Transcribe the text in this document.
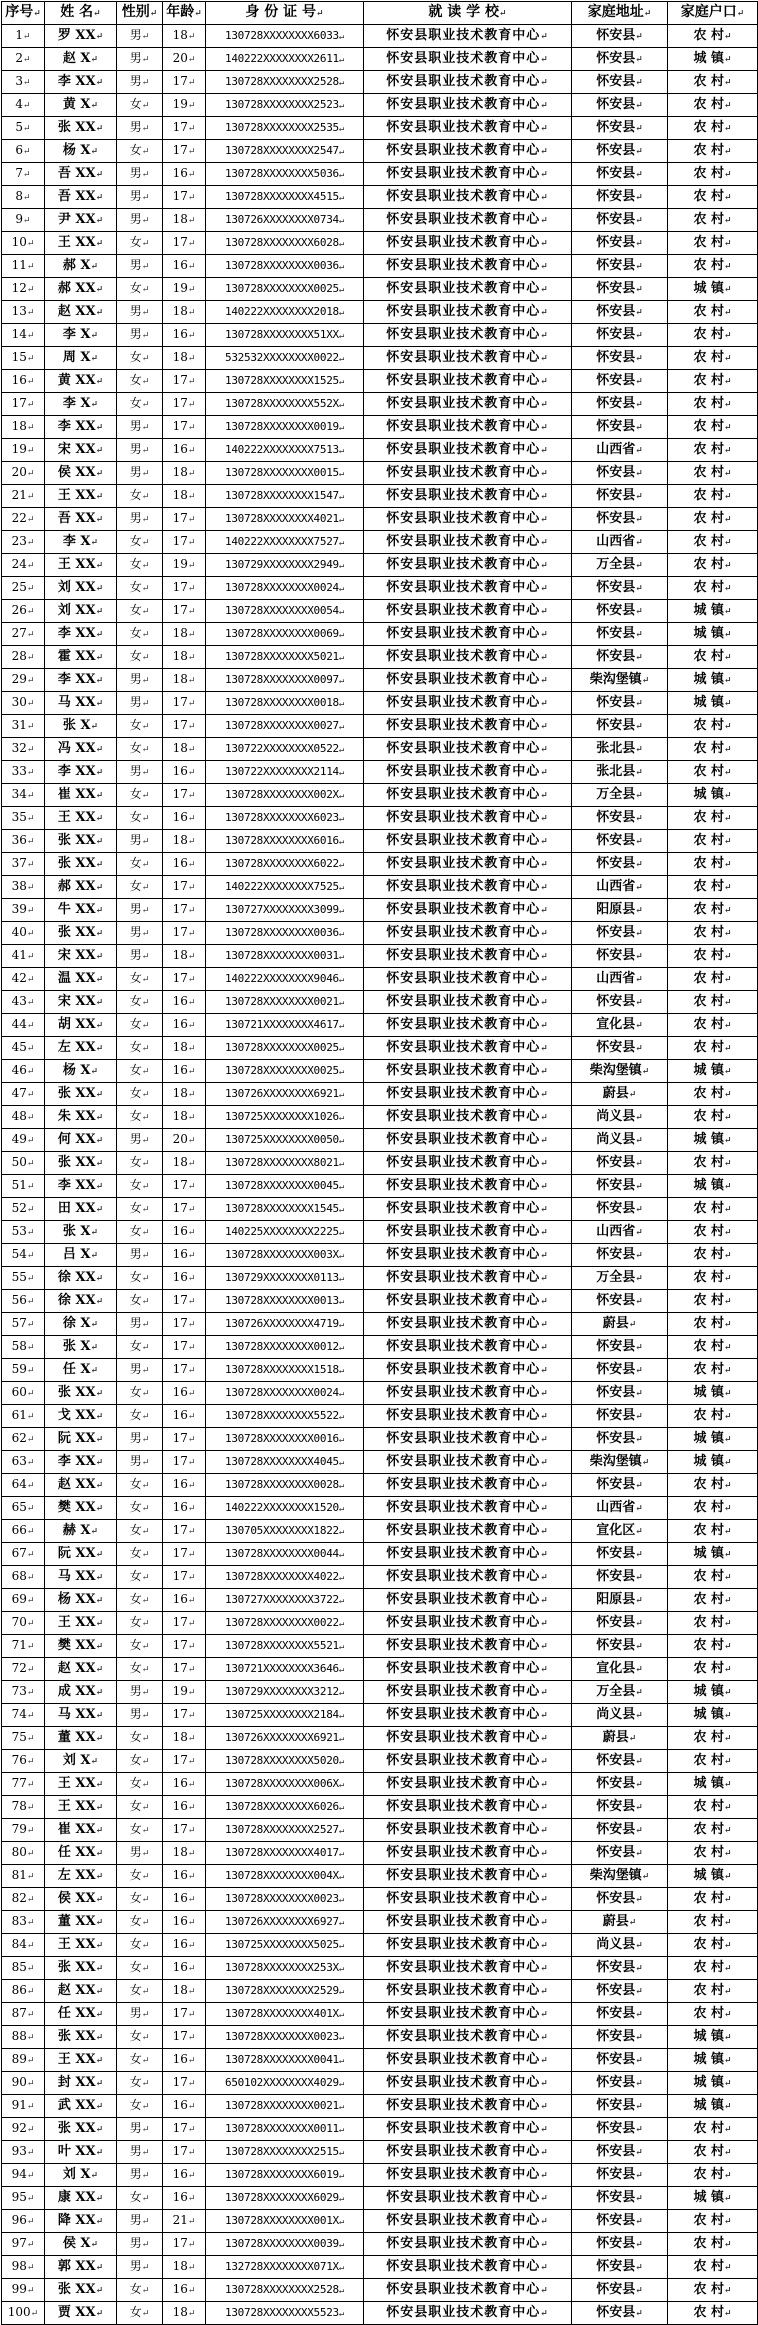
序号↵	姓 名↵	性别↵	年龄↵	身 份 证 号↵	就 读 学 校↵	家庭地址↵	家庭户口↵
1↵	罗 XX↵	男↵	18↵	130728XXXXXXXX6033↵	怀安县职业技术教育中心↵	怀安县↵	农 村↵
2↵	赵 X↵	男↵	20↵	140222XXXXXXXX2611↵	怀安县职业技术教育中心↵	怀安县↵	城 镇↵
3↵	李 XX↵	男↵	17↵	130728XXXXXXXX2528↵	怀安县职业技术教育中心↵	怀安县↵	农 村↵
4↵	黄 X↵	女↵	19↵	130728XXXXXXXX2523↵	怀安县职业技术教育中心↵	怀安县↵	农 村↵
5↵	张 XX↵	男↵	17↵	130728XXXXXXXX2535↵	怀安县职业技术教育中心↵	怀安县↵	农 村↵
6↵	杨 X↵	女↵	17↵	130728XXXXXXXX2547↵	怀安县职业技术教育中心↵	怀安县↵	农 村↵
7↵	吾 XX↵	男↵	16↵	130728XXXXXXXX5036↵	怀安县职业技术教育中心↵	怀安县↵	农 村↵
8↵	吾 XX↵	男↵	17↵	130728XXXXXXXX4515↵	怀安县职业技术教育中心↵	怀安县↵	农 村↵
9↵	尹 XX↵	男↵	18↵	130726XXXXXXXX0734↵	怀安县职业技术教育中心↵	怀安县↵	农 村↵
10↵	王 XX↵	女↵	17↵	130728XXXXXXXX6028↵	怀安县职业技术教育中心↵	怀安县↵	农 村↵
11↵	郝 X↵	男↵	16↵	130728XXXXXXXX0036↵	怀安县职业技术教育中心↵	怀安县↵	农 村↵
12↵	郝 XX↵	女↵	19↵	130728XXXXXXXX0025↵	怀安县职业技术教育中心↵	怀安县↵	城 镇↵
13↵	赵 XX↵	男↵	18↵	140222XXXXXXXX2018↵	怀安县职业技术教育中心↵	怀安县↵	农 村↵
14↵	李 X↵	男↵	16↵	130728XXXXXXXX51XX↵	怀安县职业技术教育中心↵	怀安县↵	农 村↵
15↵	周 X↵	女↵	18↵	532532XXXXXXXX0022↵	怀安县职业技术教育中心↵	怀安县↵	农 村↵
16↵	黄 XX↵	女↵	17↵	130728XXXXXXXX1525↵	怀安县职业技术教育中心↵	怀安县↵	农 村↵
17↵	李 X↵	女↵	17↵	130728XXXXXXXX552X↵	怀安县职业技术教育中心↵	怀安县↵	农 村↵
18↵	李 XX↵	男↵	17↵	130728XXXXXXXX0019↵	怀安县职业技术教育中心↵	怀安县↵	农 村↵
19↵	宋 XX↵	男↵	16↵	140222XXXXXXXX7513↵	怀安县职业技术教育中心↵	山西省↵	农 村↵
20↵	侯 XX↵	男↵	18↵	130728XXXXXXXX0015↵	怀安县职业技术教育中心↵	怀安县↵	农 村↵
21↵	王 XX↵	女↵	18↵	130728XXXXXXXX1547↵	怀安县职业技术教育中心↵	怀安县↵	农 村↵
22↵	吾 XX↵	男↵	17↵	130728XXXXXXXX4021↵	怀安县职业技术教育中心↵	怀安县↵	农 村↵
23↵	李 X↵	女↵	17↵	140222XXXXXXXX7527↵	怀安县职业技术教育中心↵	山西省↵	农 村↵
24↵	王 XX↵	女↵	19↵	130729XXXXXXXX2949↵	怀安县职业技术教育中心↵	万全县↵	农 村↵
25↵	刘 XX↵	女↵	17↵	130728XXXXXXXX0024↵	怀安县职业技术教育中心↵	怀安县↵	农 村↵
26↵	刘 XX↵	女↵	17↵	130728XXXXXXXX0054↵	怀安县职业技术教育中心↵	怀安县↵	城 镇↵
27↵	李 XX↵	女↵	18↵	130728XXXXXXXX0069↵	怀安县职业技术教育中心↵	怀安县↵	城 镇↵
28↵	霍 XX↵	女↵	18↵	130728XXXXXXXX5021↵	怀安县职业技术教育中心↵	怀安县↵	农 村↵
29↵	李 XX↵	男↵	18↵	130728XXXXXXXX0097↵	怀安县职业技术教育中心↵	柴沟堡镇↵	城 镇↵
30↵	马 XX↵	男↵	17↵	130728XXXXXXXX0018↵	怀安县职业技术教育中心↵	怀安县↵	城 镇↵
31↵	张 X↵	女↵	17↵	130728XXXXXXXX0027↵	怀安县职业技术教育中心↵	怀安县↵	农 村↵
32↵	冯 XX↵	女↵	18↵	130722XXXXXXXX0522↵	怀安县职业技术教育中心↵	张北县↵	农 村↵
33↵	李 XX↵	男↵	16↵	130722XXXXXXXX2114↵	怀安县职业技术教育中心↵	张北县↵	农 村↵
34↵	崔 XX↵	女↵	17↵	130728XXXXXXXX002X↵	怀安县职业技术教育中心↵	万全县↵	城 镇↵
35↵	王 XX↵	女↵	16↵	130728XXXXXXXX6023↵	怀安县职业技术教育中心↵	怀安县↵	农 村↵
36↵	张 XX↵	男↵	18↵	130728XXXXXXXX6016↵	怀安县职业技术教育中心↵	怀安县↵	农 村↵
37↵	张 XX↵	女↵	16↵	130728XXXXXXXX6022↵	怀安县职业技术教育中心↵	怀安县↵	农 村↵
38↵	郝 XX↵	女↵	17↵	140222XXXXXXXX7525↵	怀安县职业技术教育中心↵	山西省↵	农 村↵
39↵	牛 XX↵	男↵	17↵	130727XXXXXXXX3099↵	怀安县职业技术教育中心↵	阳原县↵	农 村↵
40↵	张 XX↵	男↵	17↵	130728XXXXXXXX0036↵	怀安县职业技术教育中心↵	怀安县↵	农 村↵
41↵	宋 XX↵	男↵	18↵	130728XXXXXXXX0031↵	怀安县职业技术教育中心↵	怀安县↵	农 村↵
42↵	温 XX↵	女↵	17↵	140222XXXXXXXX9046↵	怀安县职业技术教育中心↵	山西省↵	农 村↵
43↵	宋 XX↵	女↵	16↵	130728XXXXXXXX0021↵	怀安县职业技术教育中心↵	怀安县↵	农 村↵
44↵	胡 XX↵	女↵	16↵	130721XXXXXXXX4617↵	怀安县职业技术教育中心↵	宣化县↵	农 村↵
45↵	左 XX↵	女↵	18↵	130728XXXXXXXX0025↵	怀安县职业技术教育中心↵	怀安县↵	农 村↵
46↵	杨 X↵	女↵	16↵	130728XXXXXXXX0025↵	怀安县职业技术教育中心↵	柴沟堡镇↵	城 镇↵
47↵	张 XX↵	女↵	18↵	130726XXXXXXXX6921↵	怀安县职业技术教育中心↵	蔚县↵	农 村↵
48↵	朱 XX↵	女↵	18↵	130725XXXXXXXX1026↵	怀安县职业技术教育中心↵	尚义县↵	农 村↵
49↵	何 XX↵	男↵	20↵	130725XXXXXXXX0050↵	怀安县职业技术教育中心↵	尚义县↵	城 镇↵
50↵	张 XX↵	女↵	18↵	130728XXXXXXXX8021↵	怀安县职业技术教育中心↵	怀安县↵	农 村↵
51↵	李 XX↵	女↵	17↵	130728XXXXXXXX0045↵	怀安县职业技术教育中心↵	怀安县↵	城 镇↵
52↵	田 XX↵	女↵	17↵	130728XXXXXXXX1545↵	怀安县职业技术教育中心↵	怀安县↵	农 村↵
53↵	张 X↵	女↵	16↵	140225XXXXXXXX2225↵	怀安县职业技术教育中心↵	山西省↵	农 村↵
54↵	吕 X↵	男↵	16↵	130728XXXXXXXX003X↵	怀安县职业技术教育中心↵	怀安县↵	农 村↵
55↵	徐 XX↵	女↵	16↵	130729XXXXXXXX0113↵	怀安县职业技术教育中心↵	万全县↵	农 村↵
56↵	徐 XX↵	女↵	17↵	130728XXXXXXXX0013↵	怀安县职业技术教育中心↵	怀安县↵	农 村↵
57↵	徐 X↵	男↵	17↵	130726XXXXXXXX4719↵	怀安县职业技术教育中心↵	蔚县↵	农 村↵
58↵	张 X↵	女↵	17↵	130728XXXXXXXX0012↵	怀安县职业技术教育中心↵	怀安县↵	农 村↵
59↵	任 X↵	男↵	17↵	130728XXXXXXXX1518↵	怀安县职业技术教育中心↵	怀安县↵	农 村↵
60↵	张 XX↵	女↵	16↵	130728XXXXXXXX0024↵	怀安县职业技术教育中心↵	怀安县↵	城 镇↵
61↵	戈 XX↵	女↵	16↵	130728XXXXXXXX5522↵	怀安县职业技术教育中心↵	怀安县↵	农 村↵
62↵	阮 XX↵	男↵	17↵	130728XXXXXXXX0016↵	怀安县职业技术教育中心↵	怀安县↵	城 镇↵
63↵	李 XX↵	男↵	17↵	130728XXXXXXXX4045↵	怀安县职业技术教育中心↵	柴沟堡镇↵	城 镇↵
64↵	赵 XX↵	女↵	16↵	130728XXXXXXXX0028↵	怀安县职业技术教育中心↵	怀安县↵	农 村↵
65↵	樊 XX↵	女↵	16↵	140222XXXXXXXX1520↵	怀安县职业技术教育中心↵	山西省↵	农 村↵
66↵	赫 X↵	女↵	17↵	130705XXXXXXXX1822↵	怀安县职业技术教育中心↵	宣化区↵	农 村↵
67↵	阮 XX↵	女↵	17↵	130728XXXXXXXX0044↵	怀安县职业技术教育中心↵	怀安县↵	城 镇↵
68↵	马 XX↵	女↵	17↵	130728XXXXXXXX4022↵	怀安县职业技术教育中心↵	怀安县↵	农 村↵
69↵	杨 XX↵	女↵	16↵	130727XXXXXXXX3722↵	怀安县职业技术教育中心↵	阳原县↵	农 村↵
70↵	王 XX↵	女↵	17↵	130728XXXXXXXX0022↵	怀安县职业技术教育中心↵	怀安县↵	农 村↵
71↵	樊 XX↵	女↵	17↵	130728XXXXXXXX5521↵	怀安县职业技术教育中心↵	怀安县↵	农 村↵
72↵	赵 XX↵	女↵	17↵	130721XXXXXXXX3646↵	怀安县职业技术教育中心↵	宣化县↵	农 村↵
73↵	成 XX↵	男↵	19↵	130729XXXXXXXX3212↵	怀安县职业技术教育中心↵	万全县↵	城 镇↵
74↵	马 XX↵	男↵	17↵	130725XXXXXXXX2184↵	怀安县职业技术教育中心↵	尚义县↵	城 镇↵
75↵	董 XX↵	女↵	18↵	130726XXXXXXXX6921↵	怀安县职业技术教育中心↵	蔚县↵	农 村↵
76↵	刘 X↵	女↵	17↵	130728XXXXXXXX5020↵	怀安县职业技术教育中心↵	怀安县↵	农 村↵
77↵	王 XX↵	女↵	16↵	130728XXXXXXXX006X↵	怀安县职业技术教育中心↵	怀安县↵	城 镇↵
78↵	王 XX↵	女↵	16↵	130728XXXXXXXX6026↵	怀安县职业技术教育中心↵	怀安县↵	农 村↵
79↵	崔 XX↵	女↵	17↵	130728XXXXXXXX2527↵	怀安县职业技术教育中心↵	怀安县↵	农 村↵
80↵	任 XX↵	男↵	18↵	130728XXXXXXXX4017↵	怀安县职业技术教育中心↵	怀安县↵	农 村↵
81↵	左 XX↵	女↵	16↵	130728XXXXXXXX004X↵	怀安县职业技术教育中心↵	柴沟堡镇↵	城 镇↵
82↵	侯 XX↵	女↵	16↵	130728XXXXXXXX0023↵	怀安县职业技术教育中心↵	怀安县↵	农 村↵
83↵	董 XX↵	女↵	16↵	130726XXXXXXXX6927↵	怀安县职业技术教育中心↵	蔚县↵	农 村↵
84↵	王 XX↵	女↵	16↵	130725XXXXXXXX5025↵	怀安县职业技术教育中心↵	尚义县↵	农 村↵
85↵	张 XX↵	女↵	16↵	130728XXXXXXXX253X↵	怀安县职业技术教育中心↵	怀安县↵	农 村↵
86↵	赵 XX↵	女↵	18↵	130728XXXXXXXX2529↵	怀安县职业技术教育中心↵	怀安县↵	农 村↵
87↵	任 XX↵	男↵	17↵	130728XXXXXXXX401X↵	怀安县职业技术教育中心↵	怀安县↵	农 村↵
88↵	张 XX↵	女↵	17↵	130728XXXXXXXX0023↵	怀安县职业技术教育中心↵	怀安县↵	城 镇↵
89↵	王 XX↵	女↵	16↵	130728XXXXXXXX0041↵	怀安县职业技术教育中心↵	怀安县↵	城 镇↵
90↵	封 XX↵	女↵	17↵	650102XXXXXXXX4029↵	怀安县职业技术教育中心↵	怀安县↵	城 镇↵
91↵	武 XX↵	女↵	16↵	130728XXXXXXXX0021↵	怀安县职业技术教育中心↵	怀安县↵	城 镇↵
92↵	张 XX↵	男↵	17↵	130728XXXXXXXX0011↵	怀安县职业技术教育中心↵	怀安县↵	农 村↵
93↵	叶 XX↵	男↵	17↵	130728XXXXXXXX2515↵	怀安县职业技术教育中心↵	怀安县↵	农 村↵
94↵	刘 X↵	男↵	16↵	130728XXXXXXXX6019↵	怀安县职业技术教育中心↵	怀安县↵	农 村↵
95↵	康 XX↵	女↵	16↵	130728XXXXXXXX6029↵	怀安县职业技术教育中心↵	怀安县↵	城 镇↵
96↵	降 XX↵	男↵	21↵	130728XXXXXXXX001X↵	怀安县职业技术教育中心↵	怀安县↵	农 村↵
97↵	侯 X↵	男↵	17↵	130728XXXXXXXX0039↵	怀安县职业技术教育中心↵	怀安县↵	农 村↵
98↵	郭 XX↵	男↵	18↵	132728XXXXXXXX071X↵	怀安县职业技术教育中心↵	怀安县↵	农 村↵
99↵	张 XX↵	女↵	16↵	130728XXXXXXXX2528↵	怀安县职业技术教育中心↵	怀安县↵	农 村↵
100↵	贾 XX↵	女↵	18↵	130728XXXXXXXX5523↵	怀安县职业技术教育中心↵	怀安县↵	农 村↵
